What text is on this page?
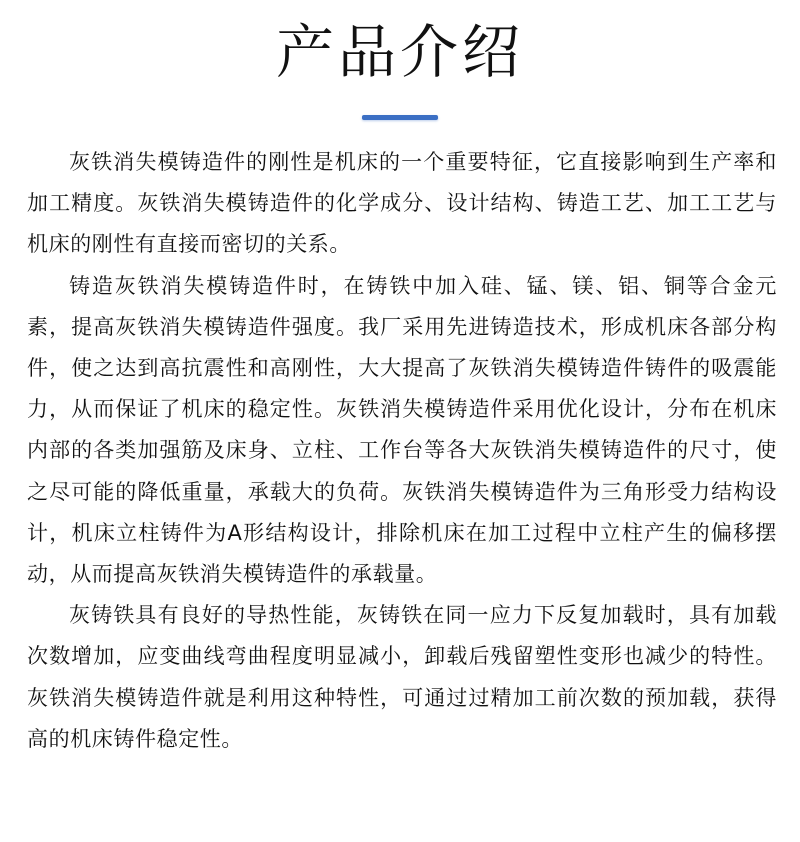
产品介绍

灰铁消失模铸造件的刚性是机床的一个重要特征，它直接影响到生产率和加工精度。灰铁消失模铸造件的化学成分、设计结构、铸造工艺、加工工艺与机床的刚性有直接而密切的关系。

铸造灰铁消失模铸造件时，在铸铁中加入硅、锰、镁、铝、铜等合金元素，提高灰铁消失模铸造件强度。我厂采用先进铸造技术，形成机床各部分构件，使之达到高抗震性和高刚性，大大提高了灰铁消失模铸造件铸件的吸震能力，从而保证了机床的稳定性。灰铁消失模铸造件采用优化设计，分布在机床内部的各类加强筋及床身、立柱、工作台等各大灰铁消失模铸造件的尺寸，使之尽可能的降低重量，承载大的负荷。灰铁消失模铸造件为三角形受力结构设计，机床立柱铸件为A形结构设计，排除机床在加工过程中立柱产生的偏移摆动，从而提高灰铁消失模铸造件的承载量。

灰铸铁具有良好的导热性能，灰铸铁在同一应力下反复加载时，具有加载次数增加，应变曲线弯曲程度明显减小，卸载后残留塑性变形也减少的特性。灰铁消失模铸造件就是利用这种特性，可通过过精加工前次数的预加载，获得高的机床铸件稳定性。
